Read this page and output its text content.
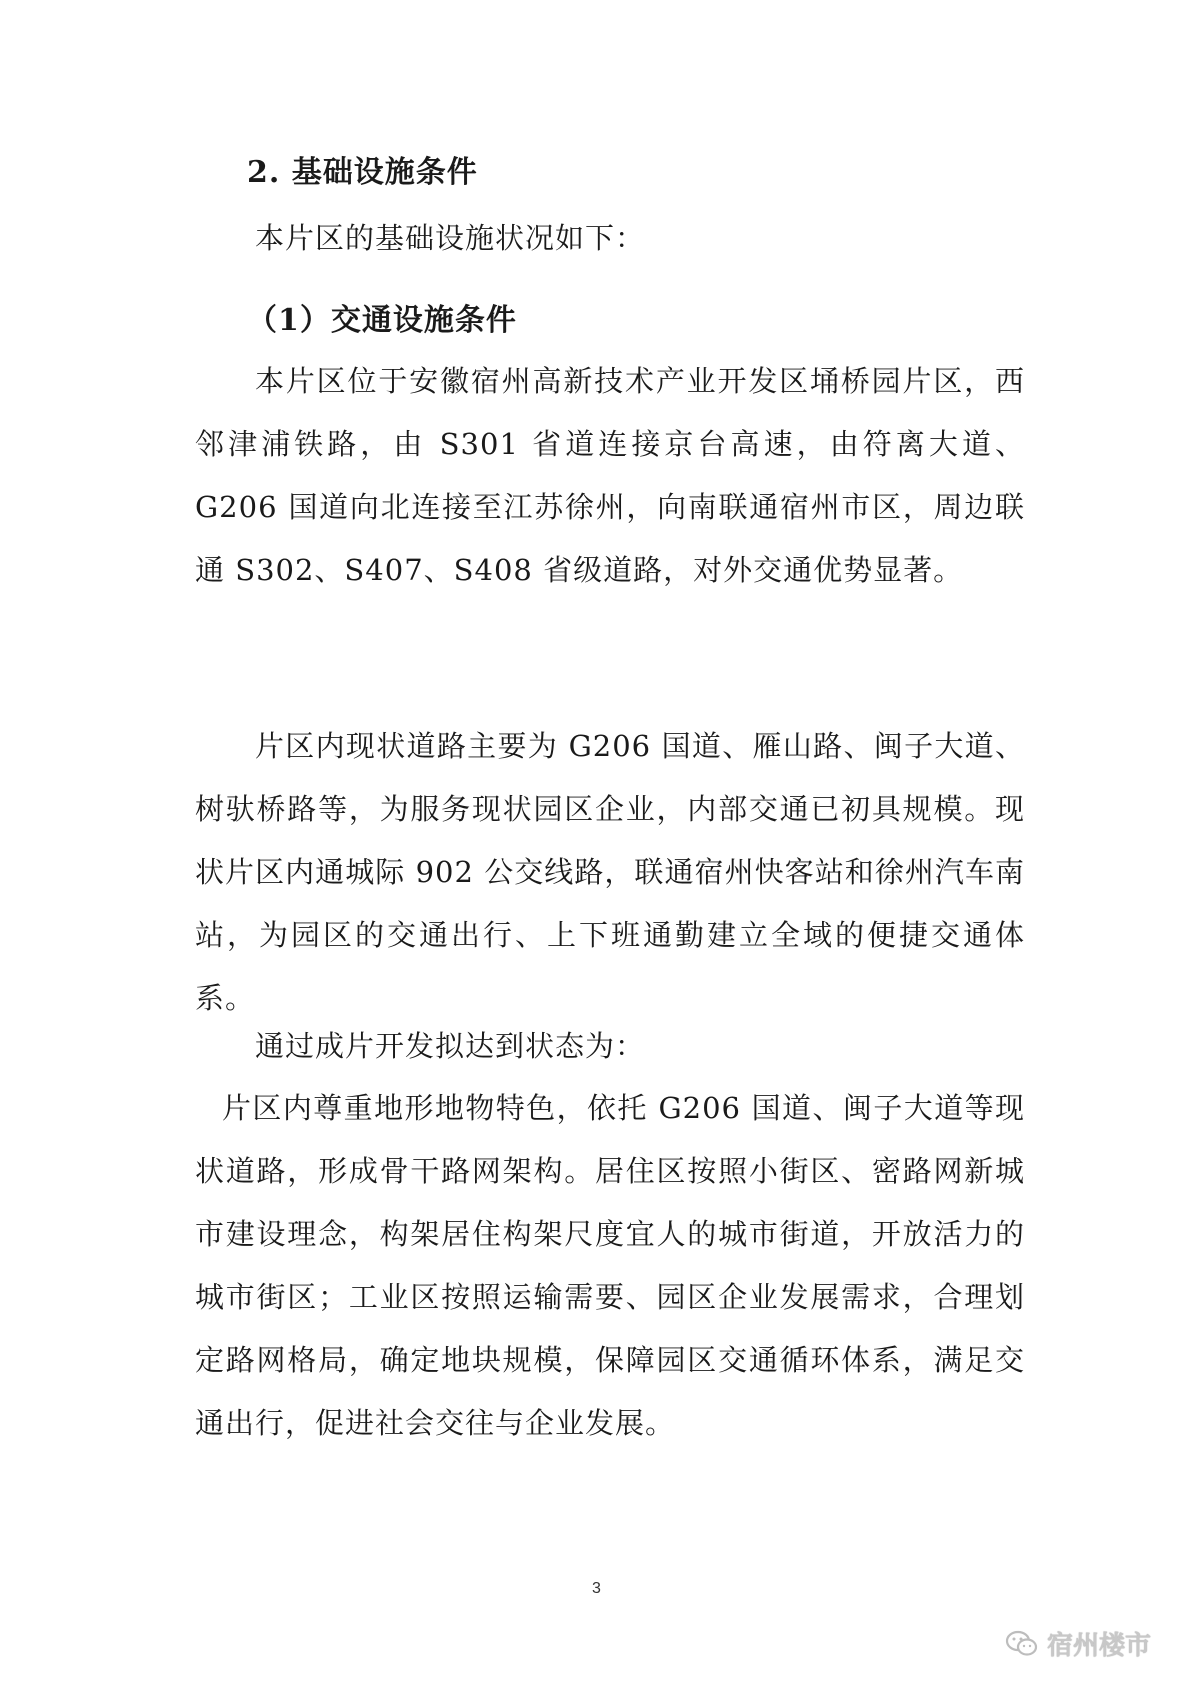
2. 基础设施条件

本片区的基础设施状况如下：

（1）交通设施条件

本片区位于安徽宿州高新技术产业开发区埇桥园片区，西邻津浦铁路，由 S301 省道连接京台高速，由符离大道、G206 国道向北连接至江苏徐州，向南联通宿州市区，周边联通 S302、S407、S408 省级道路，对外交通优势显著。

片区内现状道路主要为 G206 国道、雁山路、闽子大道、树驮桥路等，为服务现状园区企业，内部交通已初具规模。现状片区内通城际 902 公交线路，联通宿州快客站和徐州汽车南站，为园区的交通出行、上下班通勤建立全域的便捷交通体系。

通过成片开发拟达到状态为：

片区内尊重地形地物特色，依托 G206 国道、闽子大道等现状道路，形成骨干路网架构。居住区按照小街区、密路网新城市建设理念，构架居住构架尺度宜人的城市街道，开放活力的城市街区；工业区按照运输需要、园区企业发展需求，合理划定路网格局，确定地块规模，保障园区交通循环体系，满足交通出行，促进社会交往与企业发展。

3
宿州楼市
